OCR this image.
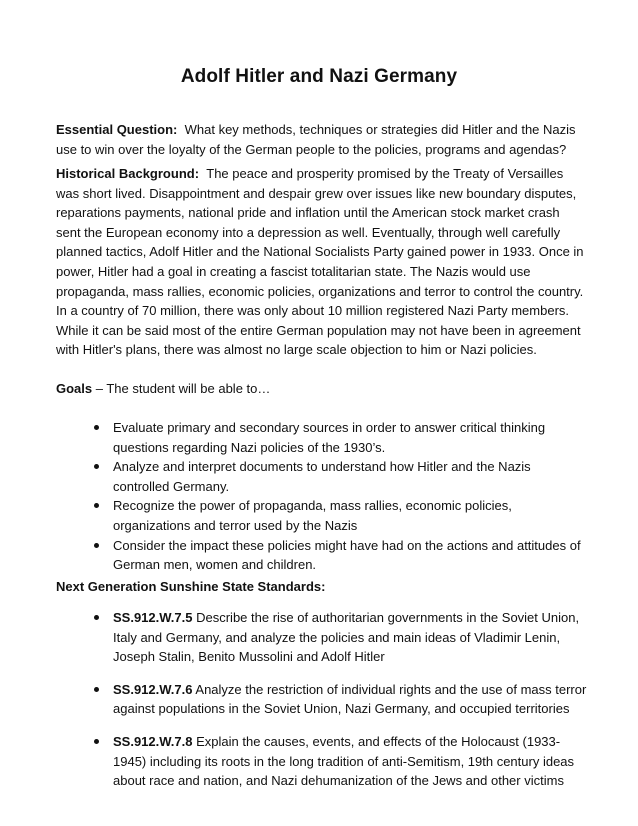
Adolf Hitler and Nazi Germany
Essential Question: What key methods, techniques or strategies did Hitler and the Nazis use to win over the loyalty of the German people to the policies, programs and agendas?
Historical Background: The peace and prosperity promised by the Treaty of Versailles was short lived. Disappointment and despair grew over issues like new boundary disputes, reparations payments, national pride and inflation until the American stock market crash sent the European economy into a depression as well. Eventually, through well carefully planned tactics, Adolf Hitler and the National Socialists Party gained power in 1933. Once in power, Hitler had a goal in creating a fascist totalitarian state. The Nazis would use propaganda, mass rallies, economic policies, organizations and terror to control the country. In a country of 70 million, there was only about 10 million registered Nazi Party members. While it can be said most of the entire German population may not have been in agreement with Hitler's plans, there was almost no large scale objection to him or Nazi policies.
Goals – The student will be able to…
Evaluate primary and secondary sources in order to answer critical thinking questions regarding Nazi policies of the 1930’s.
Analyze and interpret documents to understand how Hitler and the Nazis controlled Germany.
Recognize the power of propaganda, mass rallies, economic policies, organizations and terror used by the Nazis
Consider the impact these policies might have had on the actions and attitudes of German men, women and children.
Next Generation Sunshine State Standards:
SS.912.W.7.5 Describe the rise of authoritarian governments in the Soviet Union, Italy and Germany, and analyze the policies and main ideas of Vladimir Lenin, Joseph Stalin, Benito Mussolini and Adolf Hitler
SS.912.W.7.6 Analyze the restriction of individual rights and the use of mass terror against populations in the Soviet Union, Nazi Germany, and occupied territories
SS.912.W.7.8 Explain the causes, events, and effects of the Holocaust (1933-1945) including its roots in the long tradition of anti-Semitism, 19th century ideas about race and nation, and Nazi dehumanization of the Jews and other victims
